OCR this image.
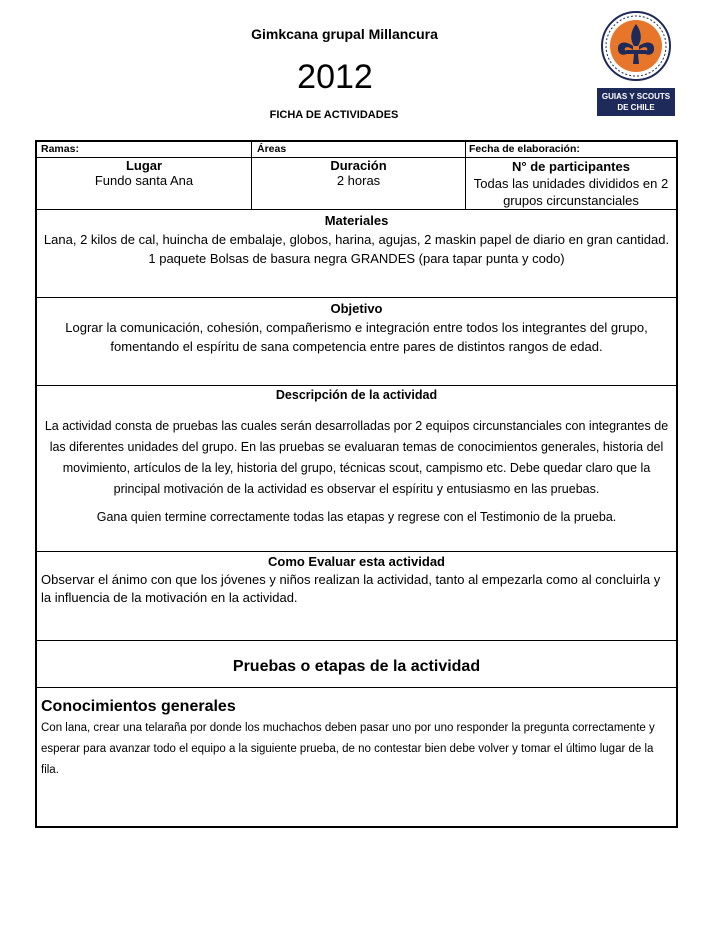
Gimkcana grupal Millancura
2012
FICHA DE ACTIVIDADES
GUIAS Y SCOUTS
DE CHILE
Ramas:	Áreas	Fecha de elaboración:
Lugar
Fundo santa Ana
Duración
2 horas
N° de participantes
Todas las unidades divididos en 2 grupos circunstanciales
Materiales
Lana, 2 kilos de cal, huincha de embalaje, globos, harina, agujas, 2 maskin papel de diario en gran cantidad.
1 paquete Bolsas de basura negra GRANDES (para tapar punta y codo)
Objetivo
Lograr la comunicación, cohesión, compañerismo e integración entre todos los integrantes del grupo, fomentando el espíritu de sana competencia entre pares de distintos rangos de edad.
Descripción de la actividad
La actividad consta de pruebas las cuales serán desarrolladas por 2 equipos circunstanciales con integrantes de las diferentes unidades del grupo. En las pruebas se evaluaran temas de conocimientos generales, historia del movimiento, artículos de la ley, historia del grupo, técnicas scout, campismo etc. Debe quedar claro que la principal motivación de la actividad es observar el espíritu y entusiasmo en las pruebas.
Gana quien termine correctamente todas las etapas y regrese con el Testimonio de la prueba.
Como Evaluar esta actividad
Observar el ánimo con que los jóvenes y niños realizan la actividad, tanto al empezarla como al concluirla y la influencia de la motivación en la actividad.
Pruebas o etapas de la actividad
Conocimientos generales
Con lana, crear una telaraña por donde los muchachos deben pasar uno por uno responder la pregunta correctamente y esperar para avanzar todo el equipo a la siguiente prueba, de no contestar bien debe volver y tomar el último lugar de la fila.
